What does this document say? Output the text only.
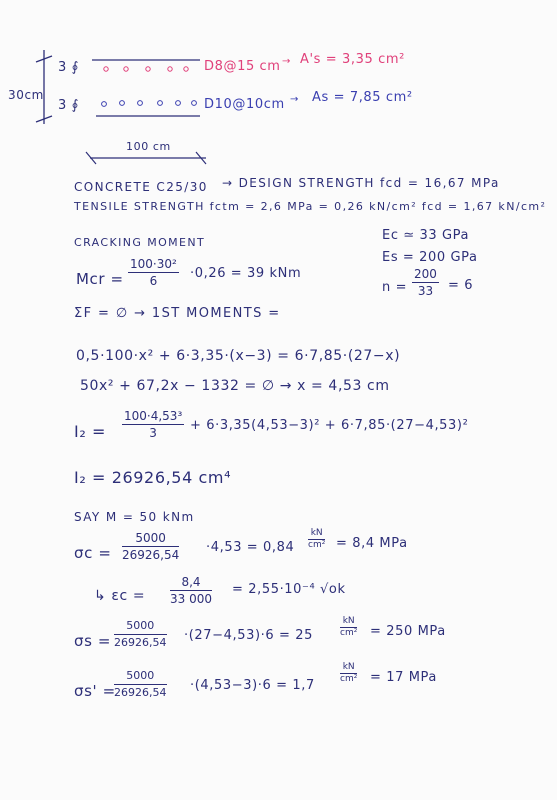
30cm
3 ∮	D8@15 cm → A's = 3,35 cm²
3 ∮	D10@10cm → As = 7,85 cm²
100 cm
CONCRETE C25/30 → DESIGN STRENGTH fcd = 16,67 MPa
TENSILE STRENGTH fctm = 2,6 MPa = 0,26 kN/cm² fcd = 1,67 kN/cm²
CRACKING MOMENT	Ec ≃ 33 GPa
Es = 200 GPa
Mcr = $\frac{\text{100·30²}}{6} \cdot 0,26 = 39$ kNm
$n = \frac{200}{33} = 6$
ΣF = ∅ → 1ST MOMENTS =
0,5·100·x² + 6·3,35·(x−3) = 6·7,85·(27−x)
50x² + 67,2x − 1332 = ∅ → x = 4,53 cm
$I_2 = \frac{\text{100·4,53³}}{3} + 6\cdot 3,35(4,53-3)^2 + 6\cdot 7,85\cdot(27-4,53)^2$
I₂ = 26926,54 cm⁴
SAY M = 50 kNm
$\sigma c = \frac{5000}{26926,54} \cdot 4,53 = 0,84 \frac{kN}{\text{cm²}} = 8,4$ MPa
↳ $\varepsilon c = \frac{8,4}{33 000} = 2,55\cdot 10^{-4}$ √ok
$\sigma s = \frac{5000}{26926,54} \cdot(27-4,53)\cdot 6 = 25$	$\frac{kN}{\text{cm²}} = 250$ MPa
σs' =
$\frac{5000}{26926,54} \cdot(4,53-3)\cdot 6 = 1,7$
$\frac{kN}{\text{cm²}} = 17$ MPa
